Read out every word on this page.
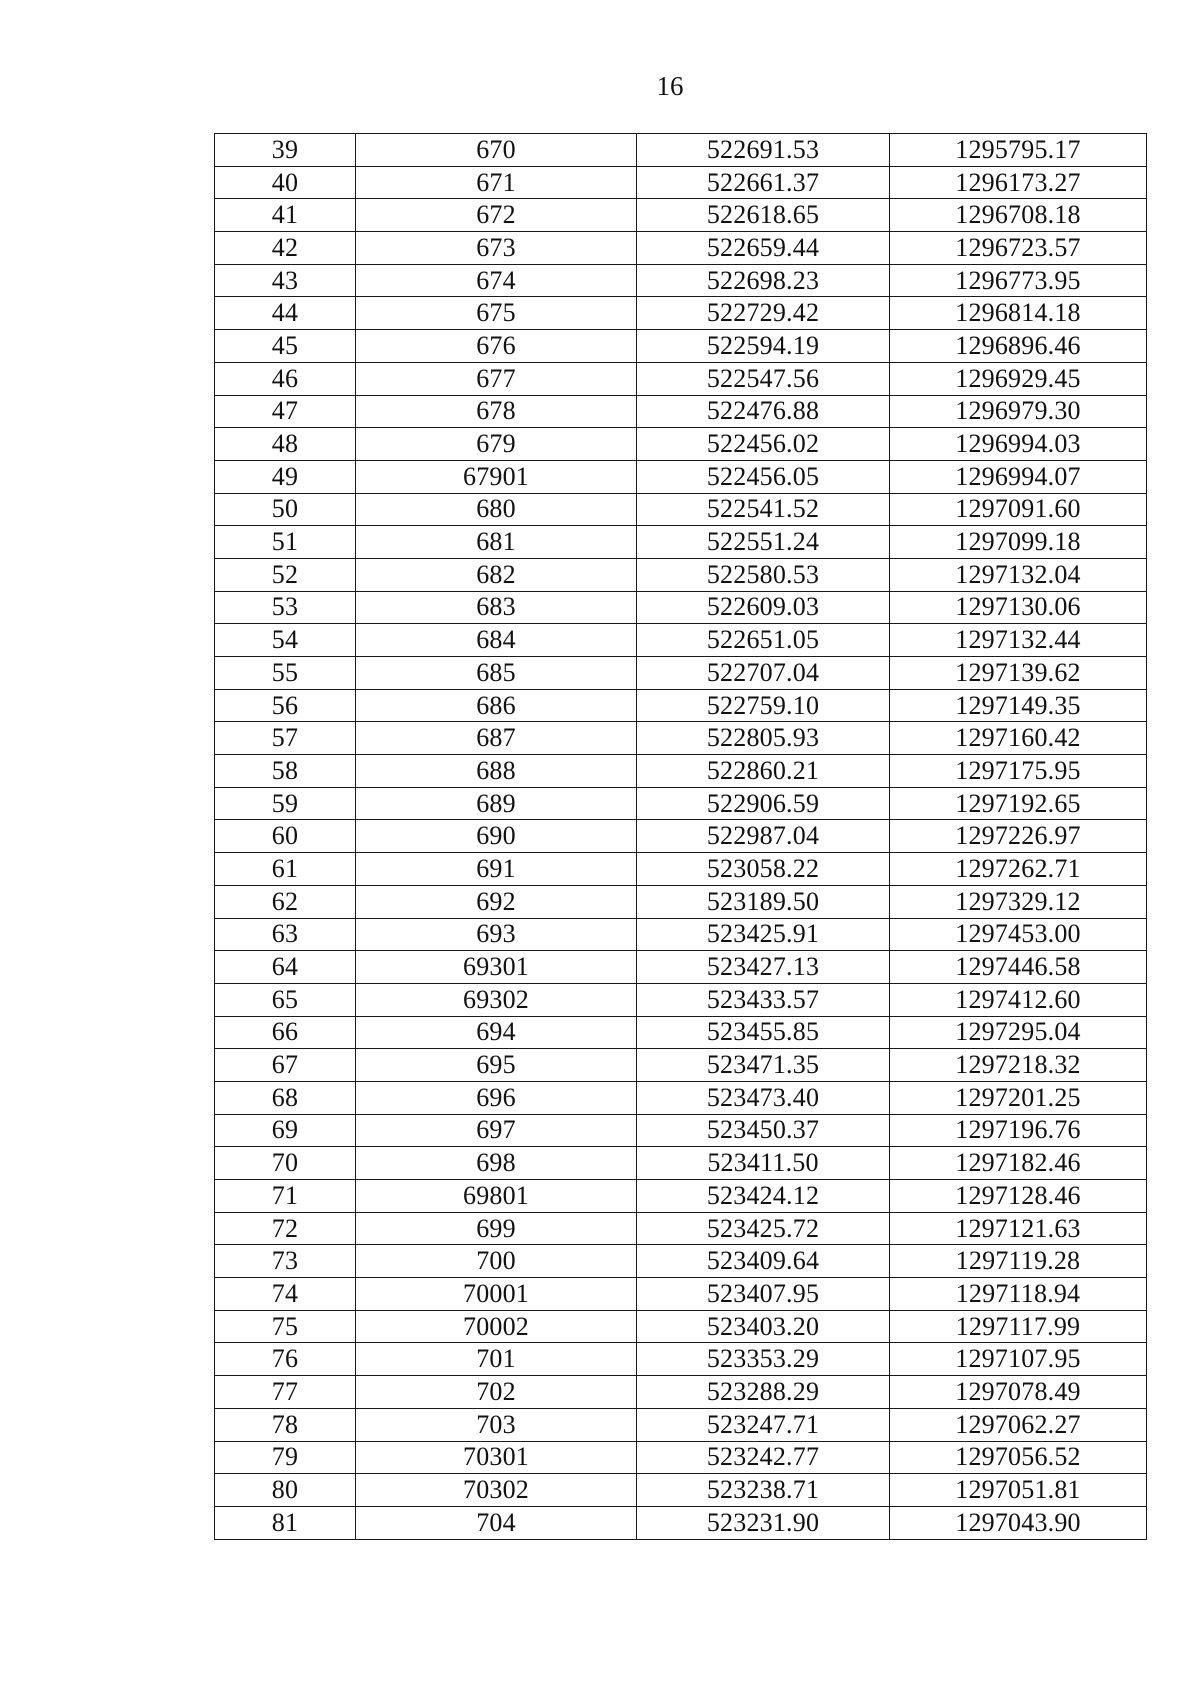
16
39	670	522691.53	1295795.17
40	671	522661.37	1296173.27
41	672	522618.65	1296708.18
42	673	522659.44	1296723.57
43	674	522698.23	1296773.95
44	675	522729.42	1296814.18
45	676	522594.19	1296896.46
46	677	522547.56	1296929.45
47	678	522476.88	1296979.30
48	679	522456.02	1296994.03
49	67901	522456.05	1296994.07
50	680	522541.52	1297091.60
51	681	522551.24	1297099.18
52	682	522580.53	1297132.04
53	683	522609.03	1297130.06
54	684	522651.05	1297132.44
55	685	522707.04	1297139.62
56	686	522759.10	1297149.35
57	687	522805.93	1297160.42
58	688	522860.21	1297175.95
59	689	522906.59	1297192.65
60	690	522987.04	1297226.97
61	691	523058.22	1297262.71
62	692	523189.50	1297329.12
63	693	523425.91	1297453.00
64	69301	523427.13	1297446.58
65	69302	523433.57	1297412.60
66	694	523455.85	1297295.04
67	695	523471.35	1297218.32
68	696	523473.40	1297201.25
69	697	523450.37	1297196.76
70	698	523411.50	1297182.46
71	69801	523424.12	1297128.46
72	699	523425.72	1297121.63
73	700	523409.64	1297119.28
74	70001	523407.95	1297118.94
75	70002	523403.20	1297117.99
76	701	523353.29	1297107.95
77	702	523288.29	1297078.49
78	703	523247.71	1297062.27
79	70301	523242.77	1297056.52
80	70302	523238.71	1297051.81
81	704	523231.90	1297043.90
